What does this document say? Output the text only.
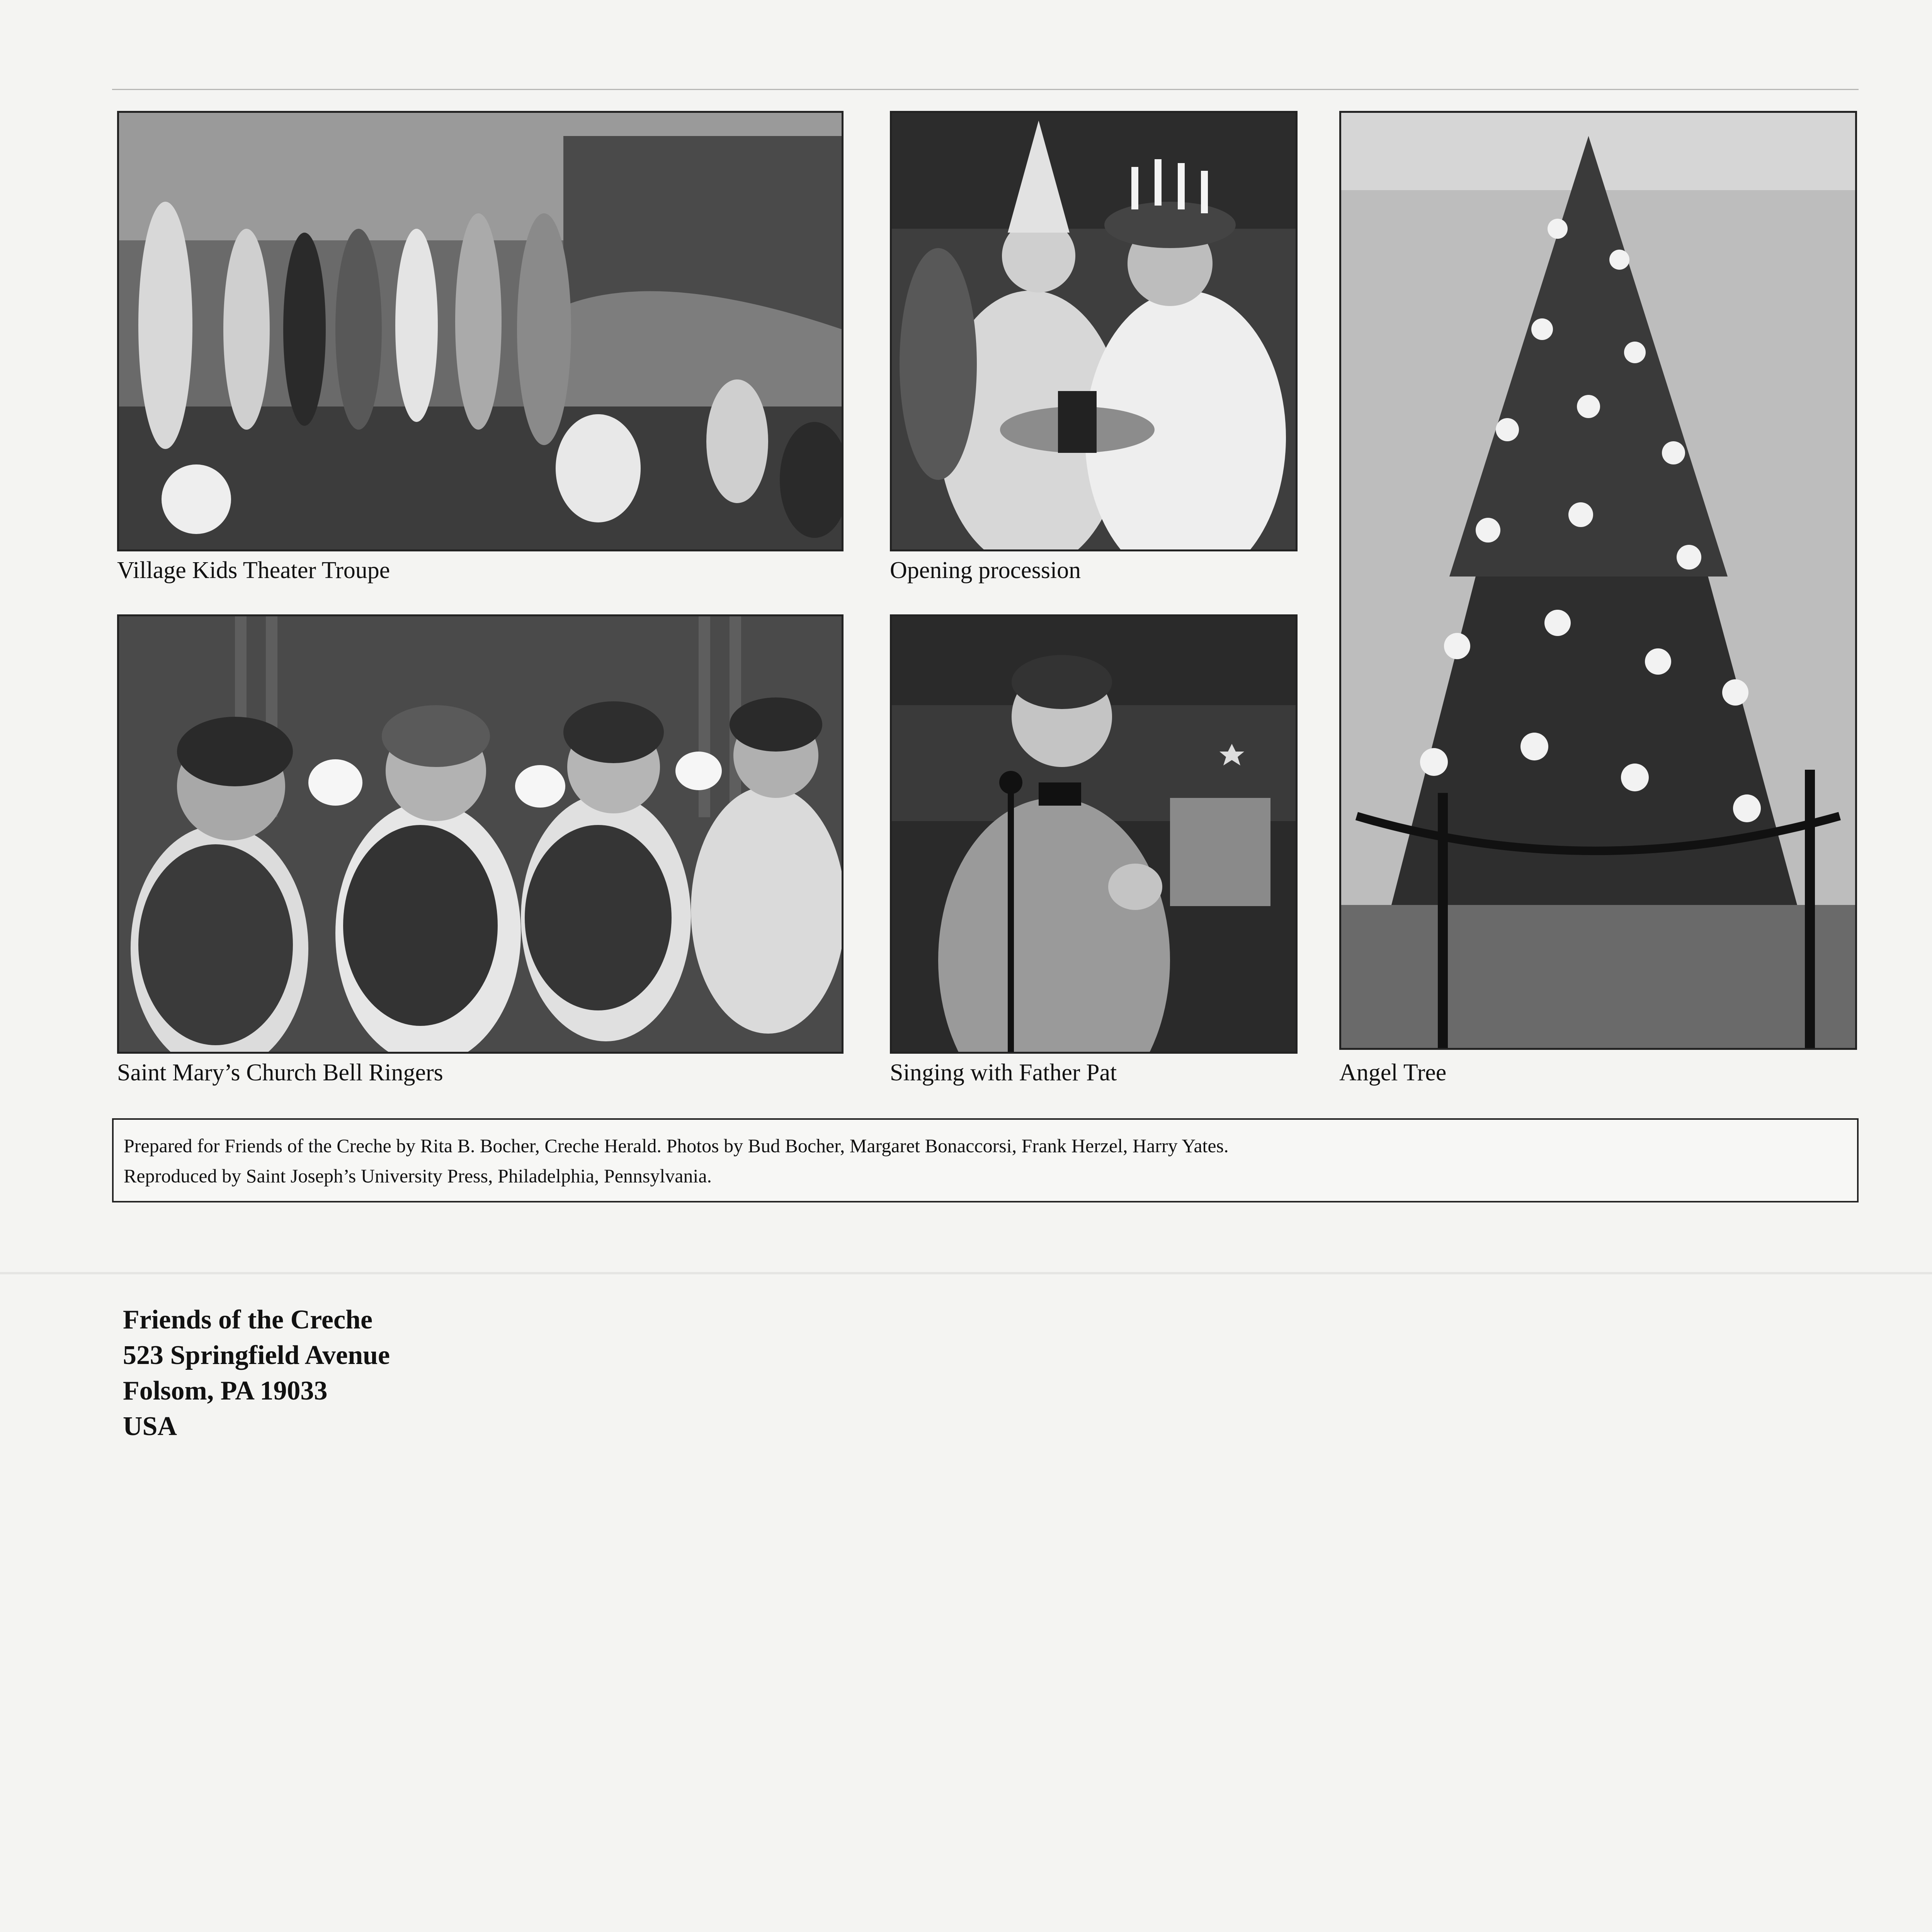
Village Kids Theater Troupe	Opening procession
Saint Mary’s Church Bell Ringers	Singing with Father Pat	Angel Tree
Prepared for Friends of the Creche by Rita B. Bocher, Creche Herald. Photos by Bud Bocher, Margaret Bonaccorsi, Frank Herzel, Harry Yates.
Reproduced by Saint Joseph’s University Press, Philadelphia, Pennsylvania.
Friends of the Creche
523 Springfield Avenue
Folsom, PA 19033
USA
